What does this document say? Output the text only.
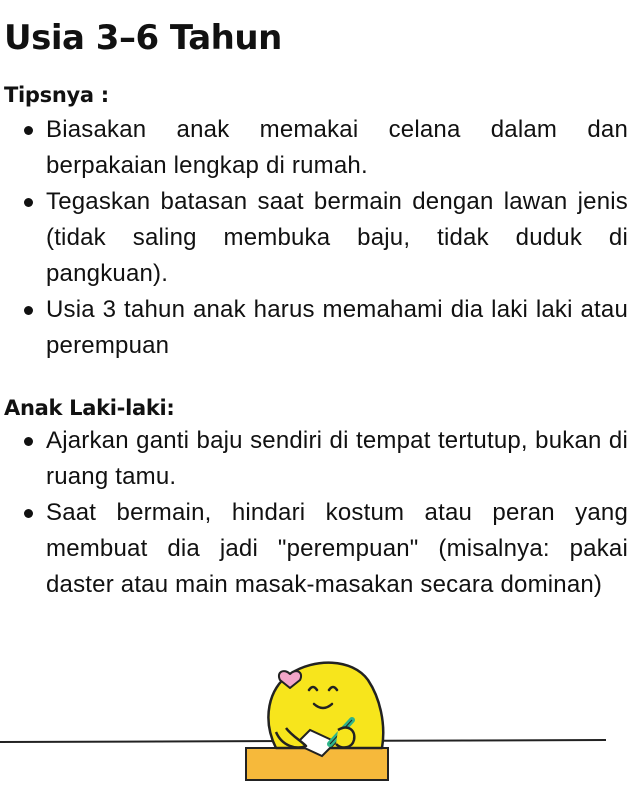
Usia 3–6 Tahun
Tipsnya :
Biasakan anak memakai celana dalam dan berpakaian lengkap di rumah.
Tegaskan batasan saat bermain dengan lawan jenis (tidak saling membuka baju, tidak duduk di pangkuan).
Usia 3 tahun anak harus memahami dia laki laki atau perempuan
Anak Laki-laki:
Ajarkan ganti baju sendiri di tempat tertutup, bukan di ruang tamu.
Saat bermain, hindari kostum atau peran yang membuat dia jadi "perempuan" (misalnya: pakai daster atau main masak-masakan secara dominan)
